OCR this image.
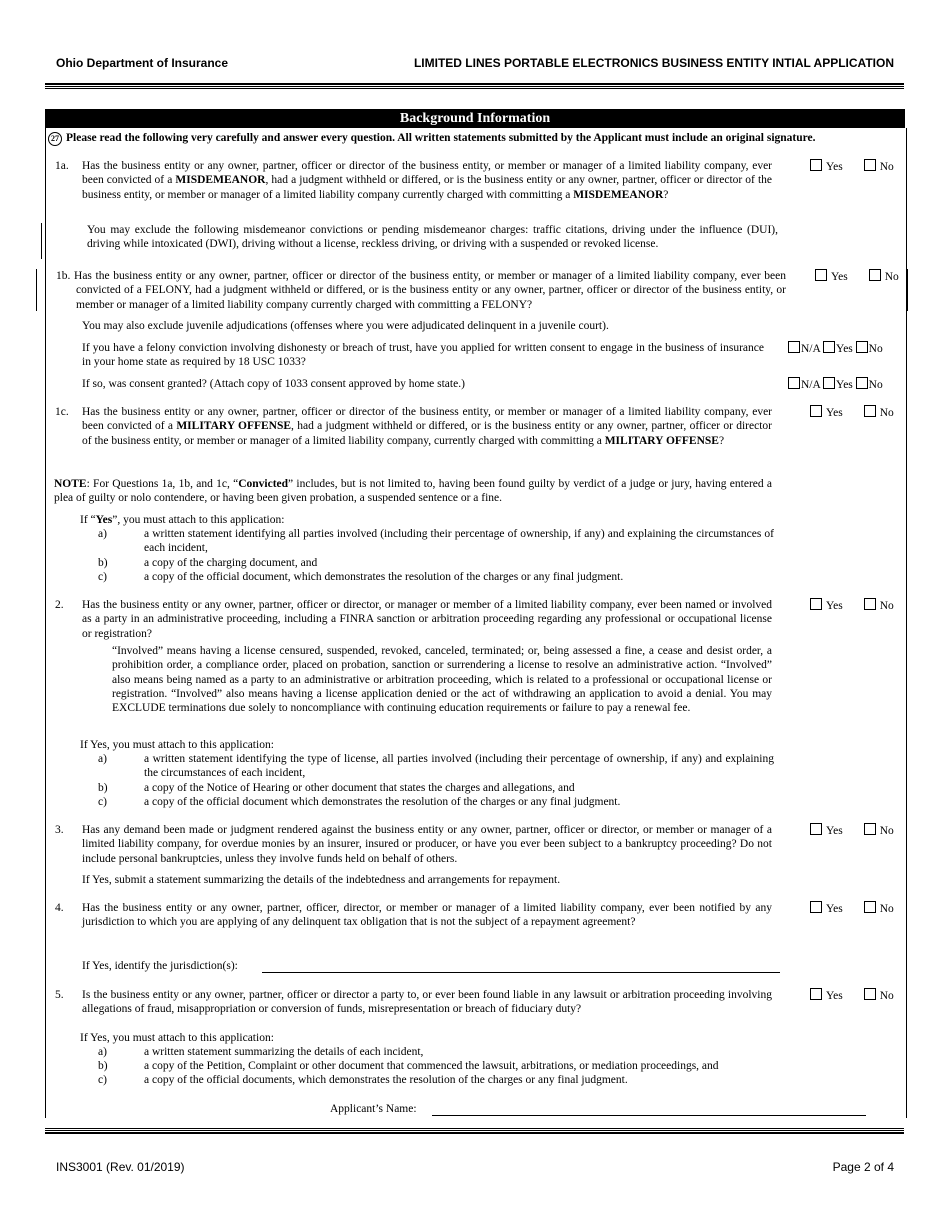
Ohio Department of Insurance	LIMITED LINES PORTABLE ELECTRONICS BUSINESS ENTITY INTIAL APPLICATION
Background Information
27 Please read the following very carefully and answer every question. All written statements submitted by the Applicant must include an original signature.
1a. Has the business entity or any owner, partner, officer or director of the business entity, or member or manager of a limited liability company, ever been convicted of a MISDEMEANOR, had a judgment withheld or differed, or is the business entity or any owner, partner, officer or director of the business entity, or member or manager of a limited liability company currently charged with committing a MISDEMEANOR?
Yes	No
You may exclude the following misdemeanor convictions or pending misdemeanor charges: traffic citations, driving under the influence (DUI), driving while intoxicated (DWI), driving without a license, reckless driving, or driving with a suspended or revoked license.
1b. Has the business entity or any owner, partner, officer or director of the business entity, or member or manager of a limited liability company, ever been convicted of a FELONY, had a judgment withheld or differed, or is the business entity or any owner, partner, officer or director of the business entity, or member or manager of a limited liability company currently charged with committing a FELONY?
Yes	No
You may also exclude juvenile adjudications (offenses where you were adjudicated delinquent in a juvenile court).
If you have a felony conviction involving dishonesty or breach of trust, have you applied for written consent to engage in the business of insurance in your home state as required by 18 USC 1033?
N/A Yes No
If so, was consent granted? (Attach copy of 1033 consent approved by home state.)	N/A Yes No
1c. Has the business entity or any owner, partner, officer or director of the business entity, or member or manager of a limited liability company, ever been convicted of a MILITARY OFFENSE, had a judgment withheld or differed, or is the business entity or any owner, partner, officer or director of the business entity, or member or manager of a limited liability company, currently charged with committing a MILITARY OFFENSE?
Yes	No
NOTE: For Questions 1a, 1b, and 1c, “Convicted” includes, but is not limited to, having been found guilty by verdict of a judge or jury, having entered a plea of guilty or nolo contendere, or having been given probation, a suspended sentence or a fine.
If “Yes”, you must attach to this application:
a)	a written statement identifying all parties involved (including their percentage of ownership, if any) and explaining the circumstances of each incident,
b)	a copy of the charging document, and
c)	a copy of the official document, which demonstrates the resolution of the charges or any final judgment.
2. Has the business entity or any owner, partner, officer or director, or manager or member of a limited liability company, ever been named or involved as a party in an administrative proceeding, including a FINRA sanction or arbitration proceeding regarding any professional or occupational license or registration?
Yes	No
“Involved” means having a license censured, suspended, revoked, canceled, terminated; or, being assessed a fine, a cease and desist order, a prohibition order, a compliance order, placed on probation, sanction or surrendering a license to resolve an administrative action. “Involved” also means being named as a party to an administrative or arbitration proceeding, which is related to a professional or occupational license or registration. “Involved” also means having a license application denied or the act of withdrawing an application to avoid a denial. You may EXCLUDE terminations due solely to noncompliance with continuing education requirements or failure to pay a renewal fee.
If Yes, you must attach to this application:
a)	a written statement identifying the type of license, all parties involved (including their percentage of ownership, if any) and explaining the circumstances of each incident,
b)	a copy of the Notice of Hearing or other document that states the charges and allegations, and
c)	a copy of the official document which demonstrates the resolution of the charges or any final judgment.
3. Has any demand been made or judgment rendered against the business entity or any owner, partner, officer or director, or member or manager of a limited liability company, for overdue monies by an insurer, insured or producer, or have you ever been subject to a bankruptcy proceeding? Do not include personal bankruptcies, unless they involve funds held on behalf of others.
Yes	No
If Yes, submit a statement summarizing the details of the indebtedness and arrangements for repayment.
4. Has the business entity or any owner, partner, officer, director, or member or manager of a limited liability company, ever been notified by any jurisdiction to which you are applying of any delinquent tax obligation that is not the subject of a repayment agreement?
Yes	No
If Yes, identify the jurisdiction(s):
5. Is the business entity or any owner, partner, officer or director a party to, or ever been found liable in any lawsuit or arbitration proceeding involving allegations of fraud, misappropriation or conversion of funds, misrepresentation or breach of fiduciary duty?
Yes	No
If Yes, you must attach to this application:
a)	a written statement summarizing the details of each incident,
b)	a copy of the Petition, Complaint or other document that commenced the lawsuit, arbitrations, or mediation proceedings, and
c)	a copy of the official documents, which demonstrates the resolution of the charges or any final judgment.
Applicant’s Name:
INS3001 (Rev. 01/2019)	Page 2 of 4
